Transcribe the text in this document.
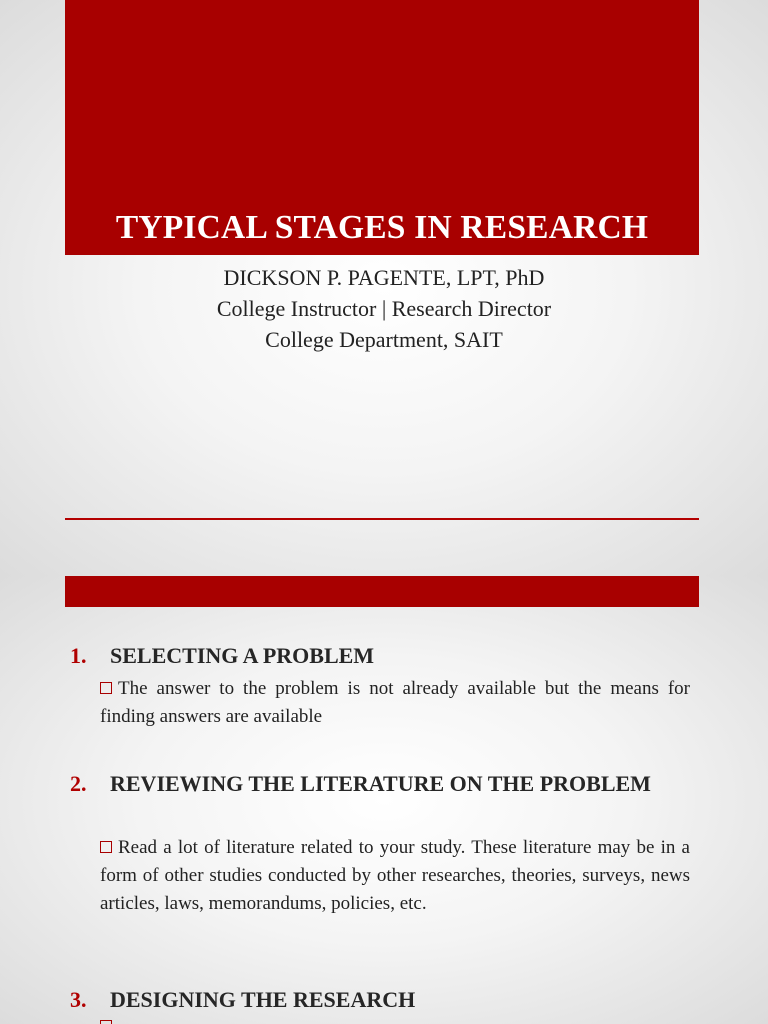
TYPICAL STAGES IN RESEARCH
DICKSON P. PAGENTE, LPT, PhD
College Instructor | Research Director
College Department, SAIT
1.	SELECTING A PROBLEM
The answer to the problem is not already available but the means for finding answers are available
2.	REVIEWING THE LITERATURE ON THE PROBLEM
Read a lot of literature related to your study. These literature may be in a form of other studies conducted by other researches, theories, surveys, news articles, laws, memorandums, policies, etc.
3.	DESIGNING THE RESEARCH
